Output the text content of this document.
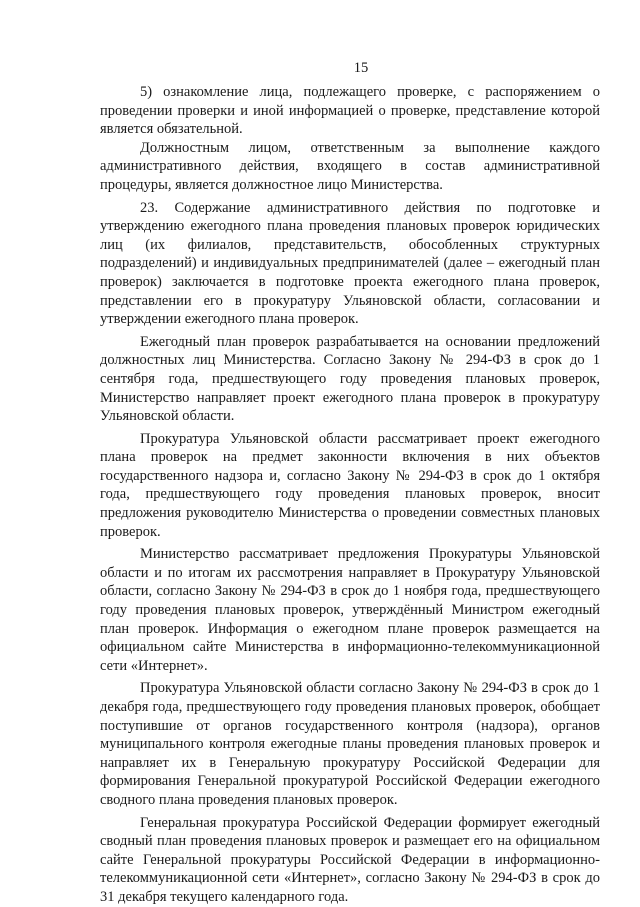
15

5) ознакомление лица, подлежащего проверке, с распоряжением о проведении проверки и иной информацией о проверке, представление которой является обязательной.

Должностным лицом, ответственным за выполнение каждого административного действия, входящего в состав административной процедуры, является должностное лицо Министерства.

23. Содержание административного действия по подготовке и утверждению ежегодного плана проведения плановых проверок юридических лиц (их филиалов, представительств, обособленных структурных подразделений) и индивидуальных предпринимателей (далее – ежегодный план проверок) заключается в подготовке проекта ежегодного плана проверок, представлении его в прокуратуру Ульяновской области, согласовании и утверждении ежегодного плана проверок.

Ежегодный план проверок разрабатывается на основании предложений должностных лиц Министерства. Согласно Закону № 294-ФЗ в срок до 1 сентября года, предшествующего году проведения плановых проверок, Министерство направляет проект ежегодного плана проверок в прокуратуру Ульяновской области.

Прокуратура Ульяновской области рассматривает проект ежегодного плана проверок на предмет законности включения в них объектов государственного надзора и, согласно Закону № 294-ФЗ в срок до 1 октября года, предшествующего году проведения плановых проверок, вносит предложения руководителю Министерства о проведении совместных плановых проверок.

Министерство рассматривает предложения Прокуратуры Ульяновской области и по итогам их рассмотрения направляет в Прокуратуру Ульяновской области, согласно Закону № 294-ФЗ в срок до 1 ноября года, предшествующего году проведения плановых проверок, утверждённый Министром ежегодный план проверок. Информация о ежегодном плане проверок размещается на официальном сайте Министерства в информационно-телекоммуникационной сети «Интернет».

Прокуратура Ульяновской области согласно Закону № 294-ФЗ в срок до 1 декабря года, предшествующего году проведения плановых проверок, обобщает поступившие от органов государственного контроля (надзора), органов муниципального контроля ежегодные планы проведения плановых проверок и направляет их в Генеральную прокуратуру Российской Федерации для формирования Генеральной прокуратурой Российской Федерации ежегодного сводного плана проведения плановых проверок.

Генеральная прокуратура Российской Федерации формирует ежегодный сводный план проведения плановых проверок и размещает его на официальном сайте Генеральной прокуратуры Российской Федерации в информационно-телекоммуникационной сети «Интернет», согласно Закону № 294-ФЗ в срок до 31 декабря текущего календарного года.
